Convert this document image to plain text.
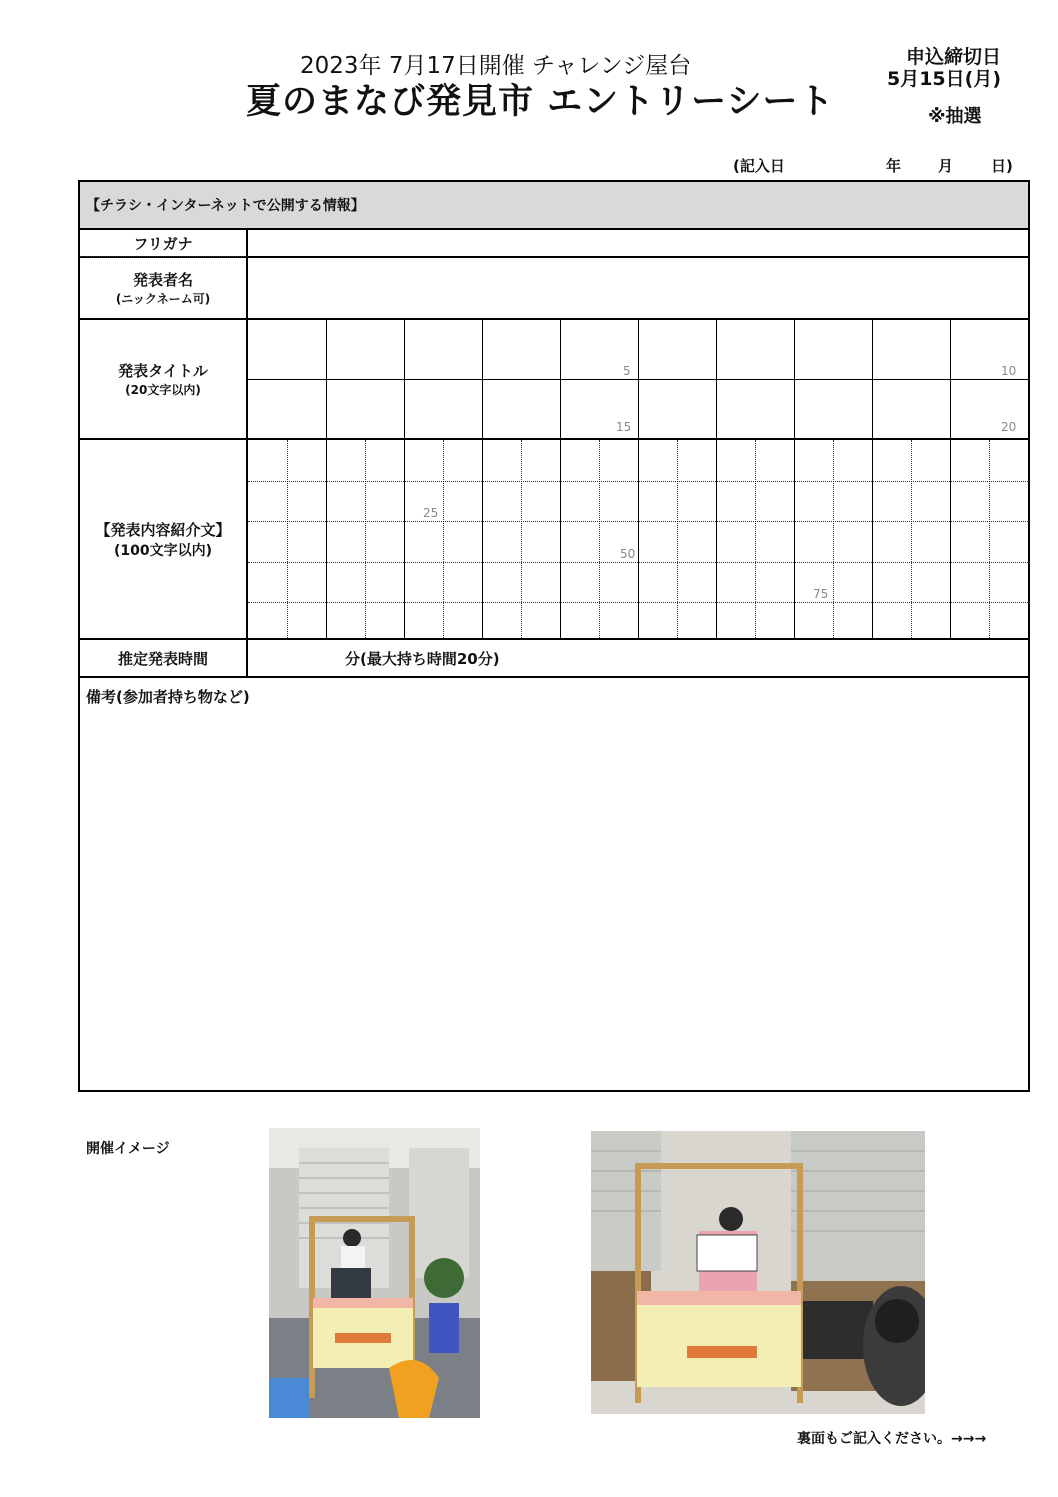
2023年 7月17日開催 チャレンジ屋台
夏のまなび発見市 エントリーシート
申込締切日
5月15日(月)
※抽選
(記入日	年 月	日)
【チラシ・インターネットで公開する情報】
フリガナ
発表者名
(ニックネーム可)
発表タイトル
(20文字以内)
5	10
15	20
【発表内容紹介文】
(100文字以内)
25
50
75
推定発表時間	分(最大持ち時間20分)
備考(参加者持ち物など)
開催イメージ
裏面もご記入ください。→→→
